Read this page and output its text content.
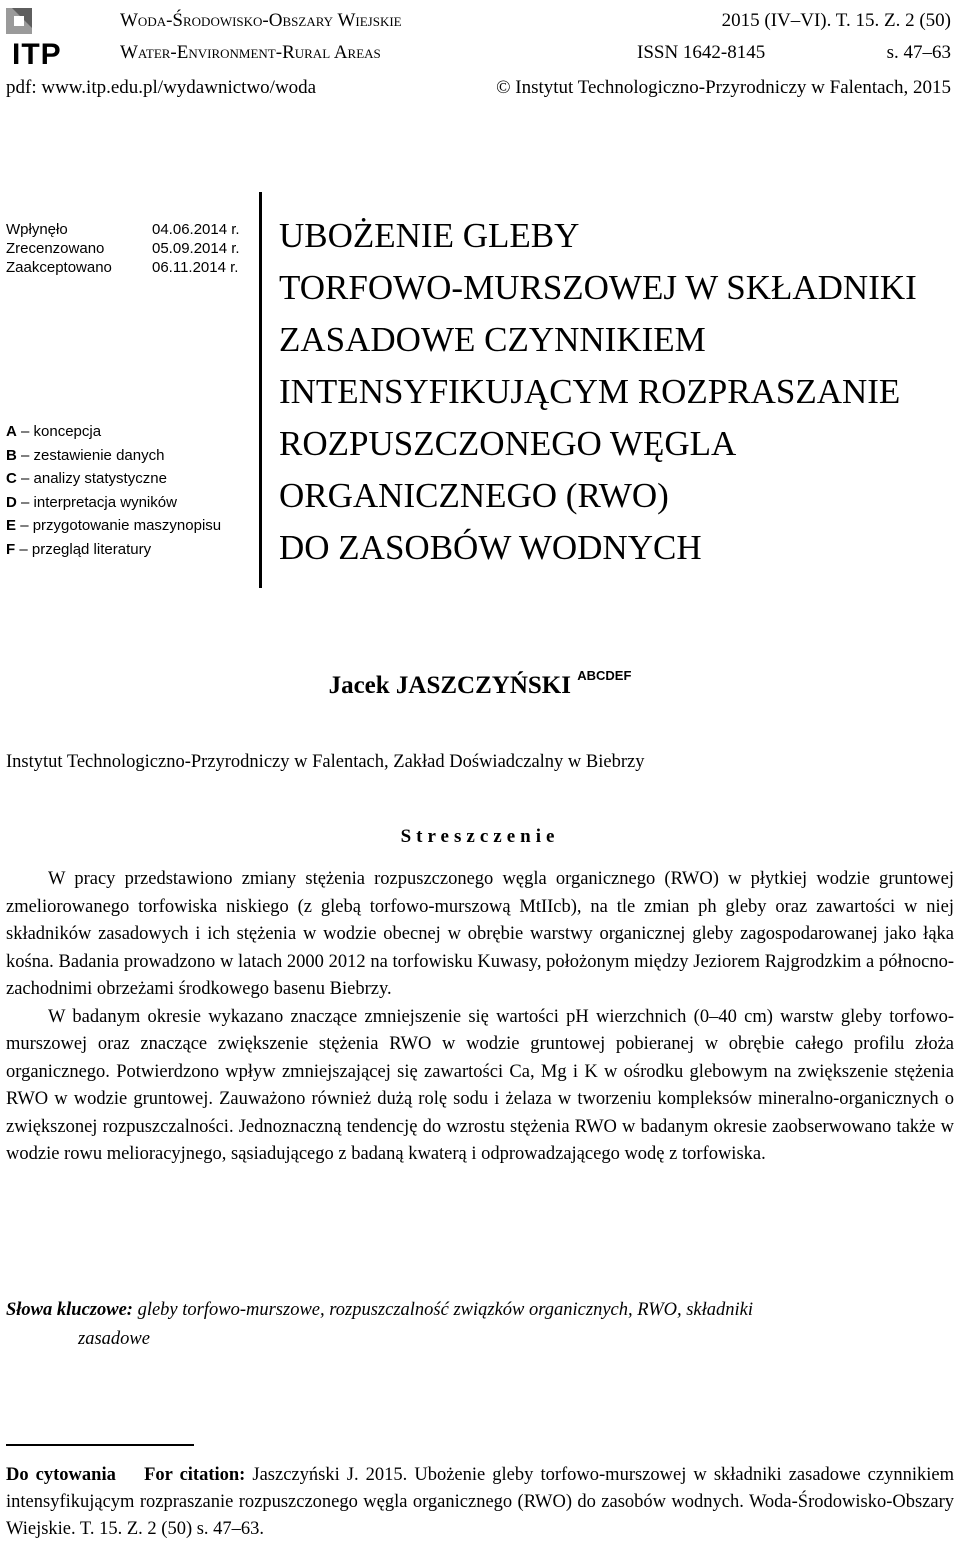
ITP
Woda-Środowisko-Obszary Wiejskie
Water-Environment-Rural Areas
2015 (IV–VI). T. 15. Z. 2 (50)
ISSN 1642-8145	s. 47–63
pdf: www.itp.edu.pl/wydawnictwo/woda	© Instytut Technologiczno-Przyrodniczy w Falentach, 2015
Wpłynęło	04.06.2014 r.
Zrecenzowano	05.09.2014 r.
Zaakceptowano	06.11.2014 r.
A – koncepcja
B – zestawienie danych
C – analizy statystyczne
D – interpretacja wyników
E – przygotowanie maszynopisu
F – przegląd literatury
UBOŻENIE GLEBY
TORFOWO-MURSZOWEJ W SKŁADNIKI
ZASADOWE CZYNNIKIEM
INTENSYFIKUJĄCYM ROZPRASZANIE
ROZPUSZCZONEGO WĘGLA
ORGANICZNEGO (RWO)
DO ZASOBÓW WODNYCH
Jacek JASZCZYŃSKI $^{ABCDEF}$
Instytut Technologiczno-Przyrodniczy w Falentach, Zakład Doświadczalny w Biebrzy
Streszczenie

W pracy przedstawiono zmiany stężenia rozpuszczonego węgla organicznego (RWO) w płytkiej wodzie gruntowej zmeliorowanego torfowiska niskiego (z glebą torfowo-murszową MtIIcb), na tle zmian ph gleby oraz zawartości w niej składników zasadowych i ich stężenia w wodzie obecnej w obrębie warstwy organicznej gleby zagospodarowanej jako łąka kośna. Badania prowadzono w latach 2000 2012 na torfowisku Kuwasy, położonym między Jeziorem Rajgrodzkim a północno-zachodnimi obrzeżami środkowego basenu Biebrzy.

W badanym okresie wykazano znaczące zmniejszenie się wartości pH wierzchnich (0–40 cm) warstw gleby torfowo-murszowej oraz znaczące zwiększenie stężenia RWO w wodzie gruntowej pobieranej w obrębie całego profilu złoża organicznego. Potwierdzono wpływ zmniejszającej się zawartości Ca, Mg i K w ośrodku glebowym na zwiększenie stężenia RWO w wodzie gruntowej. Zauważono również dużą rolę sodu i żelaza w tworzeniu kompleksów mineralno-organicznych o zwiększonej rozpuszczalności. Jednoznaczną tendencję do wzrostu stężenia RWO w badanym okresie zaobserwowano także w wodzie rowu melioracyjnego, sąsiadującego z badaną kwaterą i odprowadzającego wodę z torfowiska.

Słowa kluczowe: gleby torfowo-murszowe, rozpuszczalność związków organicznych, RWO, składniki
zasadowe
Do cytowania For citation: Jaszczyński J. 2015. Ubożenie gleby torfowo-murszowej w składniki zasadowe czynnikiem intensyfikującym rozpraszanie rozpuszczonego węgla organicznego (RWO) do zasobów wodnych. Woda-Środowisko-Obszary Wiejskie. T. 15. Z. 2 (50) s. 47–63.
